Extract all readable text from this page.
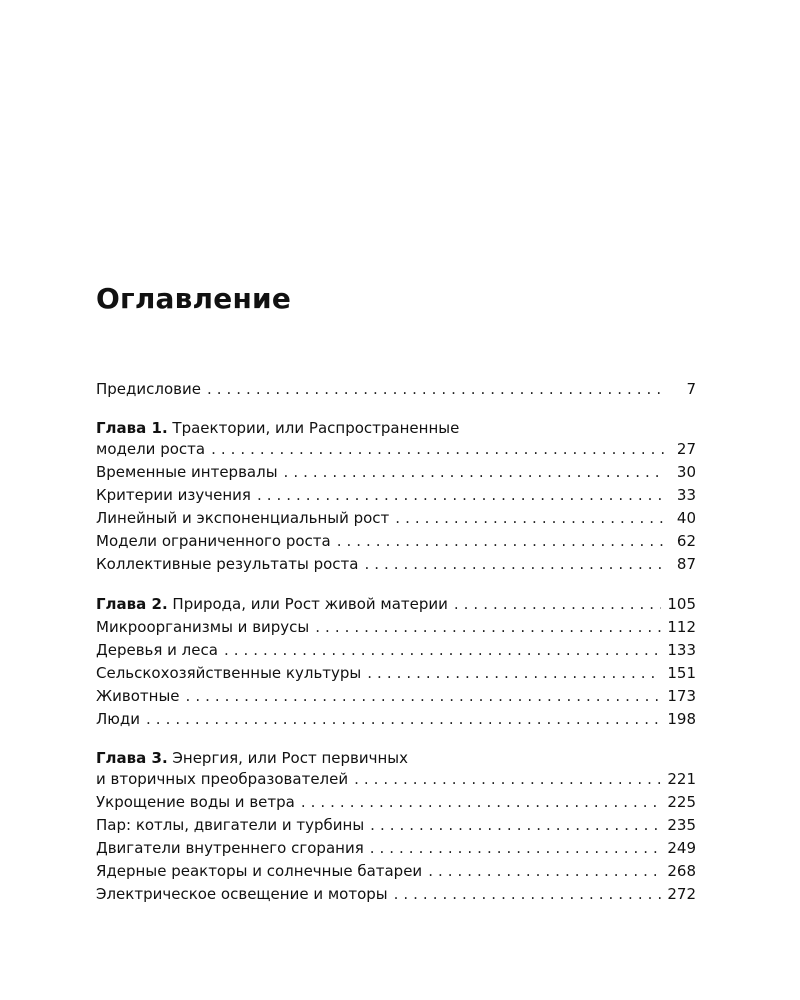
Оглавление
Предисловие .....	7
Глава 1. Траектории, или Распространенные
модели роста .....	27
Временные интервалы .....	30
Критерии изучения .....	33
Линейный и экспоненциальный рост .....	40
Модели ограниченного роста .....	62
Коллективные результаты роста .....	87
Глава 2. Природа, или Рост живой материи .....	105
Микроорганизмы и вирусы .....	112
Деревья и леса .....	133
Сельскохозяйственные культуры .....	151
Животные .....	173
Люди .....	198
Глава 3. Энергия, или Рост первичных
и вторичных преобразователей .....	221
Укрощение воды и ветра .....	225
Пар: котлы, двигатели и турбины .....	235
Двигатели внутреннего сгорания .....	249
Ядерные реакторы и солнечные батареи .....	268
Электрическое освещение и моторы .....	272
